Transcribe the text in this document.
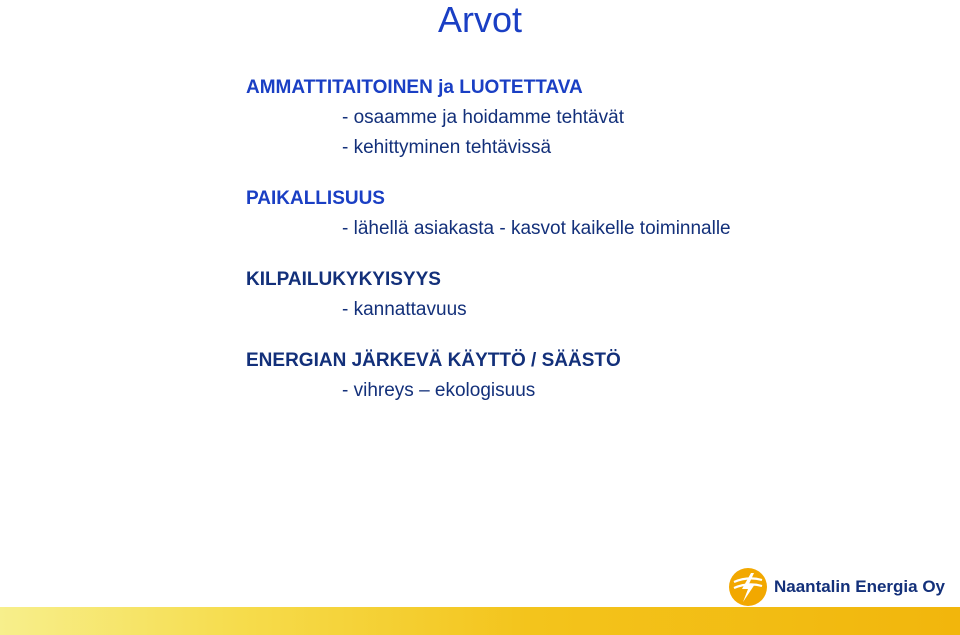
Arvot
AMMATTITAITOINEN ja LUOTETTAVA
- osaamme ja hoidamme tehtävät
- kehittyminen tehtävissä
PAIKALLISUUS
- lähellä asiakasta - kasvot kaikelle toiminnalle
KILPAILUKYKYISYYS
- kannattavuus
ENERGIAN JÄRKEVÄ KÄYTTÖ / SÄÄSTÖ
- vihreys – ekologisuus
Naantalin Energia Oy
